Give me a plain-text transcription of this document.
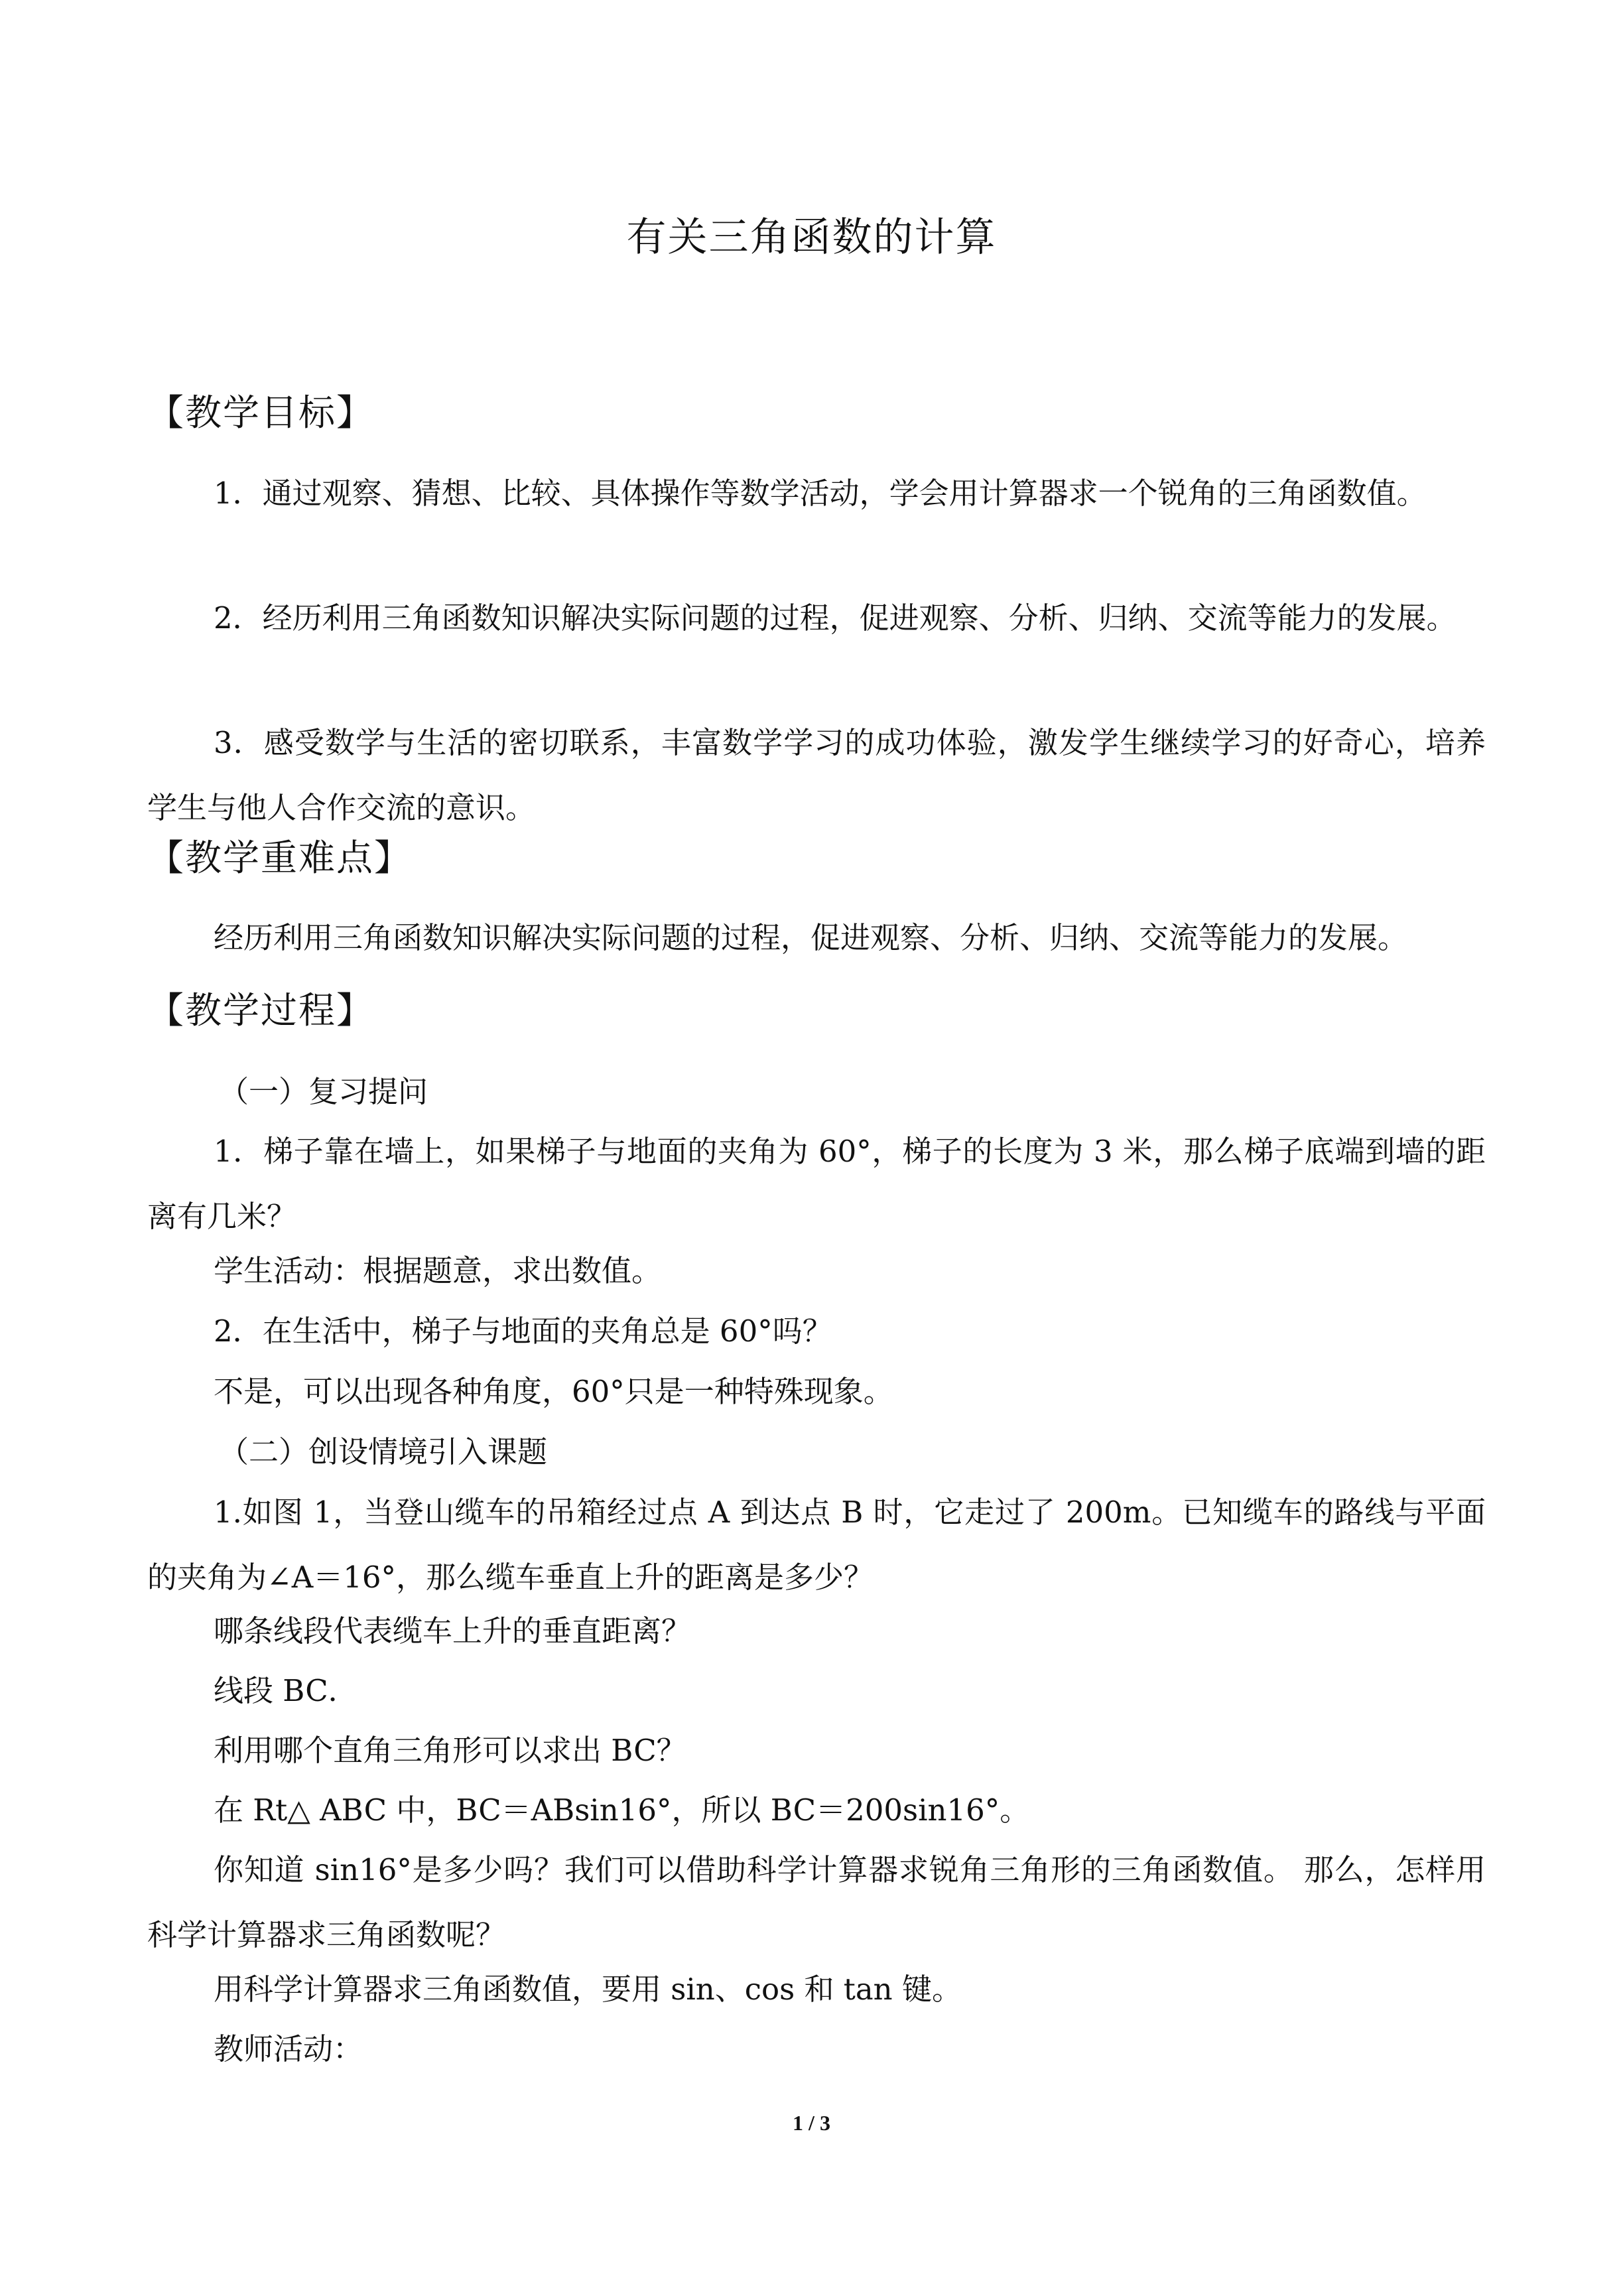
有关三角函数的计算
【教学目标】
1．通过观察、猜想、比较、具体操作等数学活动，学会用计算器求一个锐角的三角函数值。
2．经历利用三角函数知识解决实际问题的过程，促进观察、分析、归纳、交流等能力的发展。
3．感受数学与生活的密切联系，丰富数学学习的成功体验，激发学生继续学习的好奇心，培养学生与他人合作交流的意识。
【教学重难点】
经历利用三角函数知识解决实际问题的过程，促进观察、分析、归纳、交流等能力的发展。
【教学过程】
（一）复习提问
1．梯子靠在墙上，如果梯子与地面的夹角为 60°，梯子的长度为 3 米，那么梯子底端到墙的距离有几米？
学生活动：根据题意，求出数值。
2．在生活中，梯子与地面的夹角总是 60°吗？
不是，可以出现各种角度，60°只是一种特殊现象。
（二）创设情境引入课题
1.如图 1，当登山缆车的吊箱经过点 A 到达点 B 时，它走过了 200m。已知缆车的路线与平面的夹角为∠A＝16°，那么缆车垂直上升的距离是多少？
哪条线段代表缆车上升的垂直距离？
线段 BC．
利用哪个直角三角形可以求出 BC？
在 Rt△ ABC 中，BC＝ABsin16°，所以 BC＝200sin16°。
你知道 sin16°是多少吗？我们可以借助科学计算器求锐角三角形的三角函数值。 那么，怎样用科学计算器求三角函数呢？
用科学计算器求三角函数值，要用 sin、cos 和 tan 键。
教师活动：
1 / 3
